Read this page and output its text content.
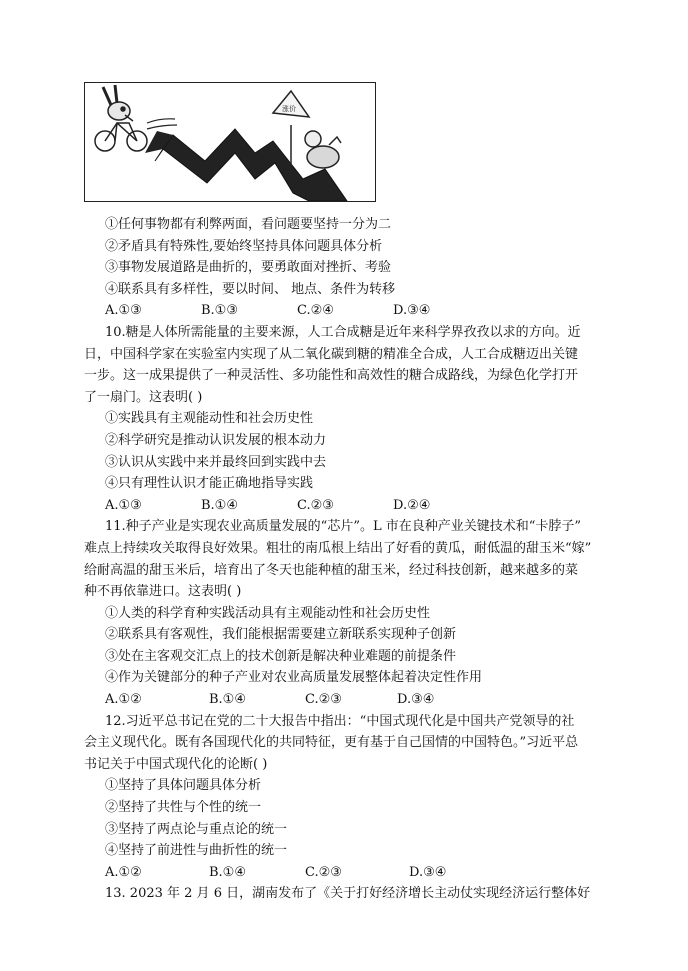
涨价
①任何事物都有利弊两面，看问题要坚持一分为二
②矛盾具有特殊性,要始终坚持具体问题具体分析
③事物发展道路是曲折的，要勇敢面对挫折、考验
④联系具有多样性，要以时间、 地点、条件为转移
A.①③	B.①③	C.②④	D.③④
10.糖是人体所需能量的主要来源，人工合成糖是近年来科学界孜孜以求的方向。近
日，中国科学家在实验室内实现了从二氧化碳到糖的精准全合成，人工合成糖迈出关键
一步。这一成果提供了一种灵活性、多功能性和高效性的糖合成路线，为绿色化学打开
了一扇门。这表明( )
①实践具有主观能动性和社会历史性
②科学研究是推动认识发展的根本动力
③认识从实践中来并最终回到实践中去
④只有理性认识才能正确地指导实践
A.①③	B.①④	C.②③	D.②④
11.种子产业是实现农业高质量发展的“芯片”。L 市在良种产业关键技术和“卡脖子”
难点上持续攻关取得良好效果。粗壮的南瓜根上结出了好看的黄瓜，耐低温的甜玉米“嫁”
给耐高温的甜玉米后，培育出了冬天也能种植的甜玉米，经过科技创新，越来越多的菜
种不再依靠进口。这表明( )
①人类的科学育种实践活动具有主观能动性和社会历史性
②联系具有客观性，我们能根据需要建立新联系实现种子创新
③处在主客观交汇点上的技术创新是解决种业难题的前提条件
④作为关键部分的种子产业对农业高质量发展整体起着决定性作用
A.①②	B.①④	C.②③	D.③④
12.习近平总书记在党的二十大报告中指出：“中国式现代化是中国共产党领导的社
会主义现代化。既有各国现代化的共同特征，更有基于自己国情的中国特色。”习近平总
书记关于中国式现代化的论断( )
①坚持了具体问题具体分析
②坚持了共性与个性的统一
③坚持了两点论与重点论的统一
④坚持了前进性与曲折性的统一
A.①②	B.①④	C.②③	D.③④
13. 2023 年 2 月 6 日，湖南发布了《关于打好经济增长主动仗实现经济运行整体好
